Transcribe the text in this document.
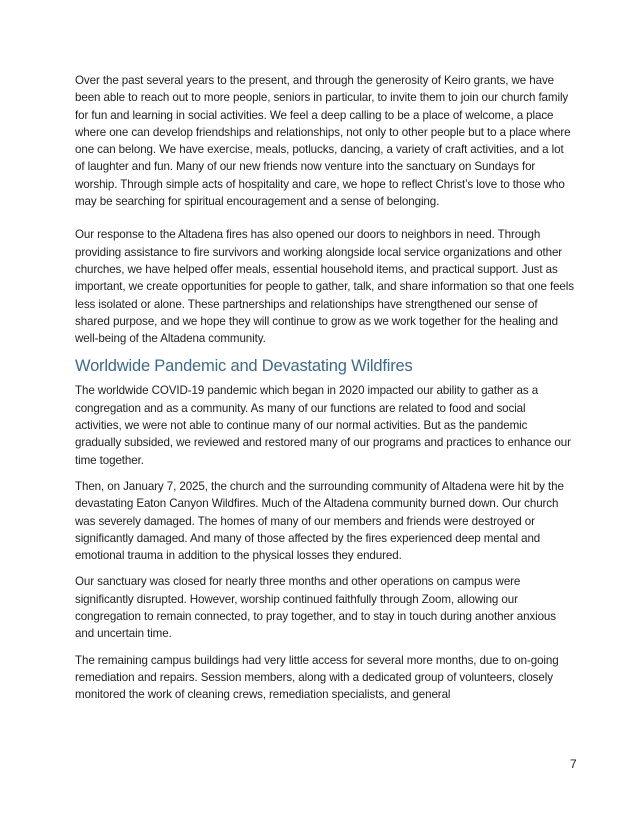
Over the past several years to the present, and through the generosity of Keiro grants, we have been able to reach out to more people, seniors in particular, to invite them to join our church family for fun and learning in social activities. We feel a deep calling to be a place of welcome, a place where one can develop friendships and relationships, not only to other people but to a place where one can belong. We have exercise, meals, potlucks, dancing, a variety of craft activities, and a lot of laughter and fun. Many of our new friends now venture into the sanctuary on Sundays for worship. Through simple acts of hospitality and care, we hope to reflect Christ’s love to those who may be searching for spiritual encouragement and a sense of belonging.

Our response to the Altadena fires has also opened our doors to neighbors in need. Through providing assistance to fire survivors and working alongside local service organizations and other churches, we have helped offer meals, essential household items, and practical support. Just as important, we create opportunities for people to gather, talk, and share information so that one feels less isolated or alone. These partnerships and relationships have strengthened our sense of shared purpose, and we hope they will continue to grow as we work together for the healing and well-being of the Altadena community.

Worldwide Pandemic and Devastating Wildfires

The worldwide COVID-19 pandemic which began in 2020 impacted our ability to gather as a congregation and as a community. As many of our functions are related to food and social activities, we were not able to continue many of our normal activities. But as the pandemic gradually subsided, we reviewed and restored many of our programs and practices to enhance our time together.

Then, on January 7, 2025, the church and the surrounding community of Altadena were hit by the devastating Eaton Canyon Wildfires. Much of the Altadena community burned down. Our church was severely damaged. The homes of many of our members and friends were destroyed or significantly damaged. And many of those affected by the fires experienced deep mental and emotional trauma in addition to the physical losses they endured.

Our sanctuary was closed for nearly three months and other operations on campus were significantly disrupted. However, worship continued faithfully through Zoom, allowing our congregation to remain connected, to pray together, and to stay in touch during another anxious and uncertain time.

The remaining campus buildings had very little access for several more months, due to on-going remediation and repairs. Session members, along with a dedicated group of volunteers, closely monitored the work of cleaning crews, remediation specialists, and general

7
